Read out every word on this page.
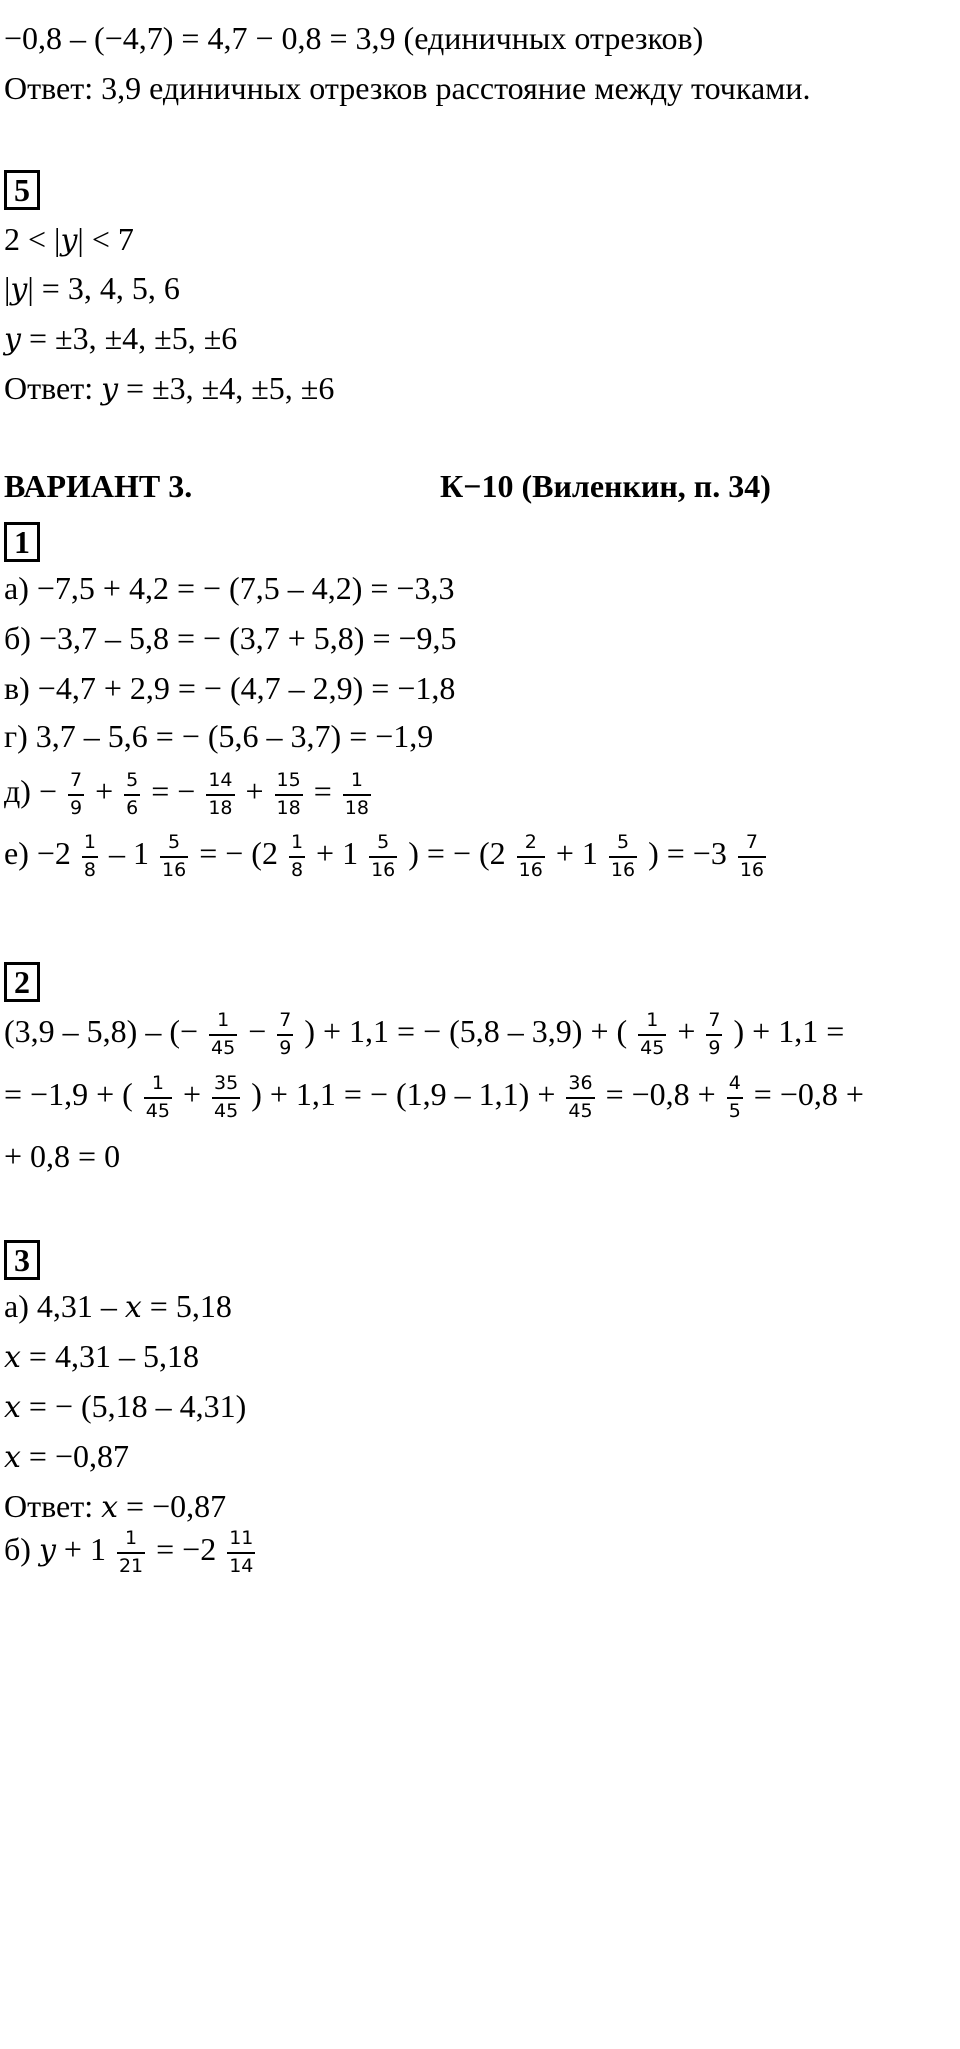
−0,8 – (−4,7) = 4,7 − 0,8 = 3,9 (единичных отрезков)
Ответ: 3,9 единичных отрезков расстояние между точками.
5
2 < |y| < 7
|y| = 3, 4, 5, 6
y = ±3, ±4, ±5, ±6
Ответ: y = ±3, ±4, ±5, ±6
ВАРИАНТ 3.	К−10 (Виленкин, п. 34)
1
а) −7,5 + 4,2 = − (7,5 – 4,2) = −3,3
б) −3,7 – 5,8 = − (3,7 + 5,8) = −9,5
в) −4,7 + 2,9 = − (4,7 – 2,9) = −1,8
г) 3,7 – 5,6 = − (5,6 – 3,7) = −1,9
$д) - \frac{7}{9} + \frac{5}{6}$ = − $\frac{14}{18} + \frac{15}{18} = \frac{1}{18}$
$е) -2 \frac{1}{8} - 1 \frac{5}{16}$ = − ($2 \frac{1}{8} + 1 \frac{5}{16}$ ) = − ($2 \frac{2}{16} + 1 \frac{5}{16}$ ) = $-3 \frac{7}{16}$
2
(3,9 – 5,8) – (− $\frac{1}{45} - \frac{7}{9}$ ) + 1,1 = − (5,8 – 3,9) + ( $\frac{1}{45} + \frac{7}{9}$ ) + 1,1 =
= −1,9 + ( $\frac{1}{45} + \frac{35}{45}$ ) + 1,1 = − $(1,9 - 1,1) + \frac{36}{45} = -0,8 + \frac{4}{5} = -0,8$ +
+ 0,8 = 0
3
а) 4,31 – x = 5,18
x = 4,31 – 5,18
x = − (5,18 – 4,31)
x = −0,87
Ответ: x = −0,87
б) $y + 1 \frac{1}{21} = -2 \frac{11}{14}$
